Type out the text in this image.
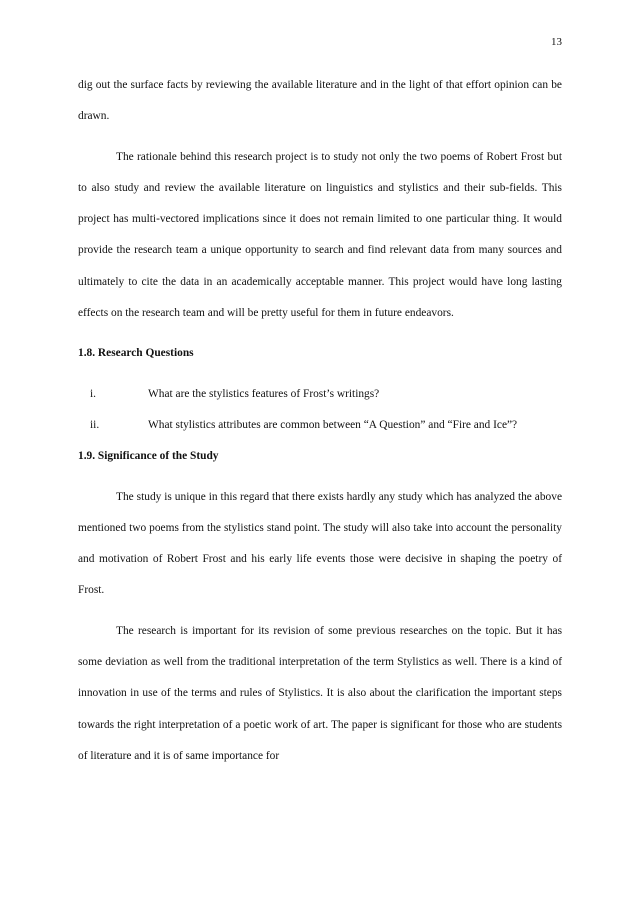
13

dig out the surface facts by reviewing the available literature and in the light of that effort opinion can be drawn.

The rationale behind this research project is to study not only the two poems of Robert Frost but to also study and review the available literature on linguistics and stylistics and their sub-fields. This project has multi-vectored implications since it does not remain limited to one particular thing. It would provide the research team a unique opportunity to search and find relevant data from many sources and ultimately to cite the data in an academically acceptable manner. This project would have long lasting effects on the research team and will be pretty useful for them in future endeavors.

1.8. Research Questions
i.	What are the stylistics features of Frost’s writings?
ii.	What stylistics attributes are common between “A Question” and “Fire and Ice”?
1.9. Significance of the Study

The study is unique in this regard that there exists hardly any study which has analyzed the above mentioned two poems from the stylistics stand point. The study will also take into account the personality and motivation of Robert Frost and his early life events those were decisive in shaping the poetry of Frost.

The research is important for its revision of some previous researches on the topic. But it has some deviation as well from the traditional interpretation of the term Stylistics as well. There is a kind of innovation in use of the terms and rules of Stylistics. It is also about the clarification the important steps towards the right interpretation of a poetic work of art. The paper is significant for those who are students of literature and it is of same importance for
